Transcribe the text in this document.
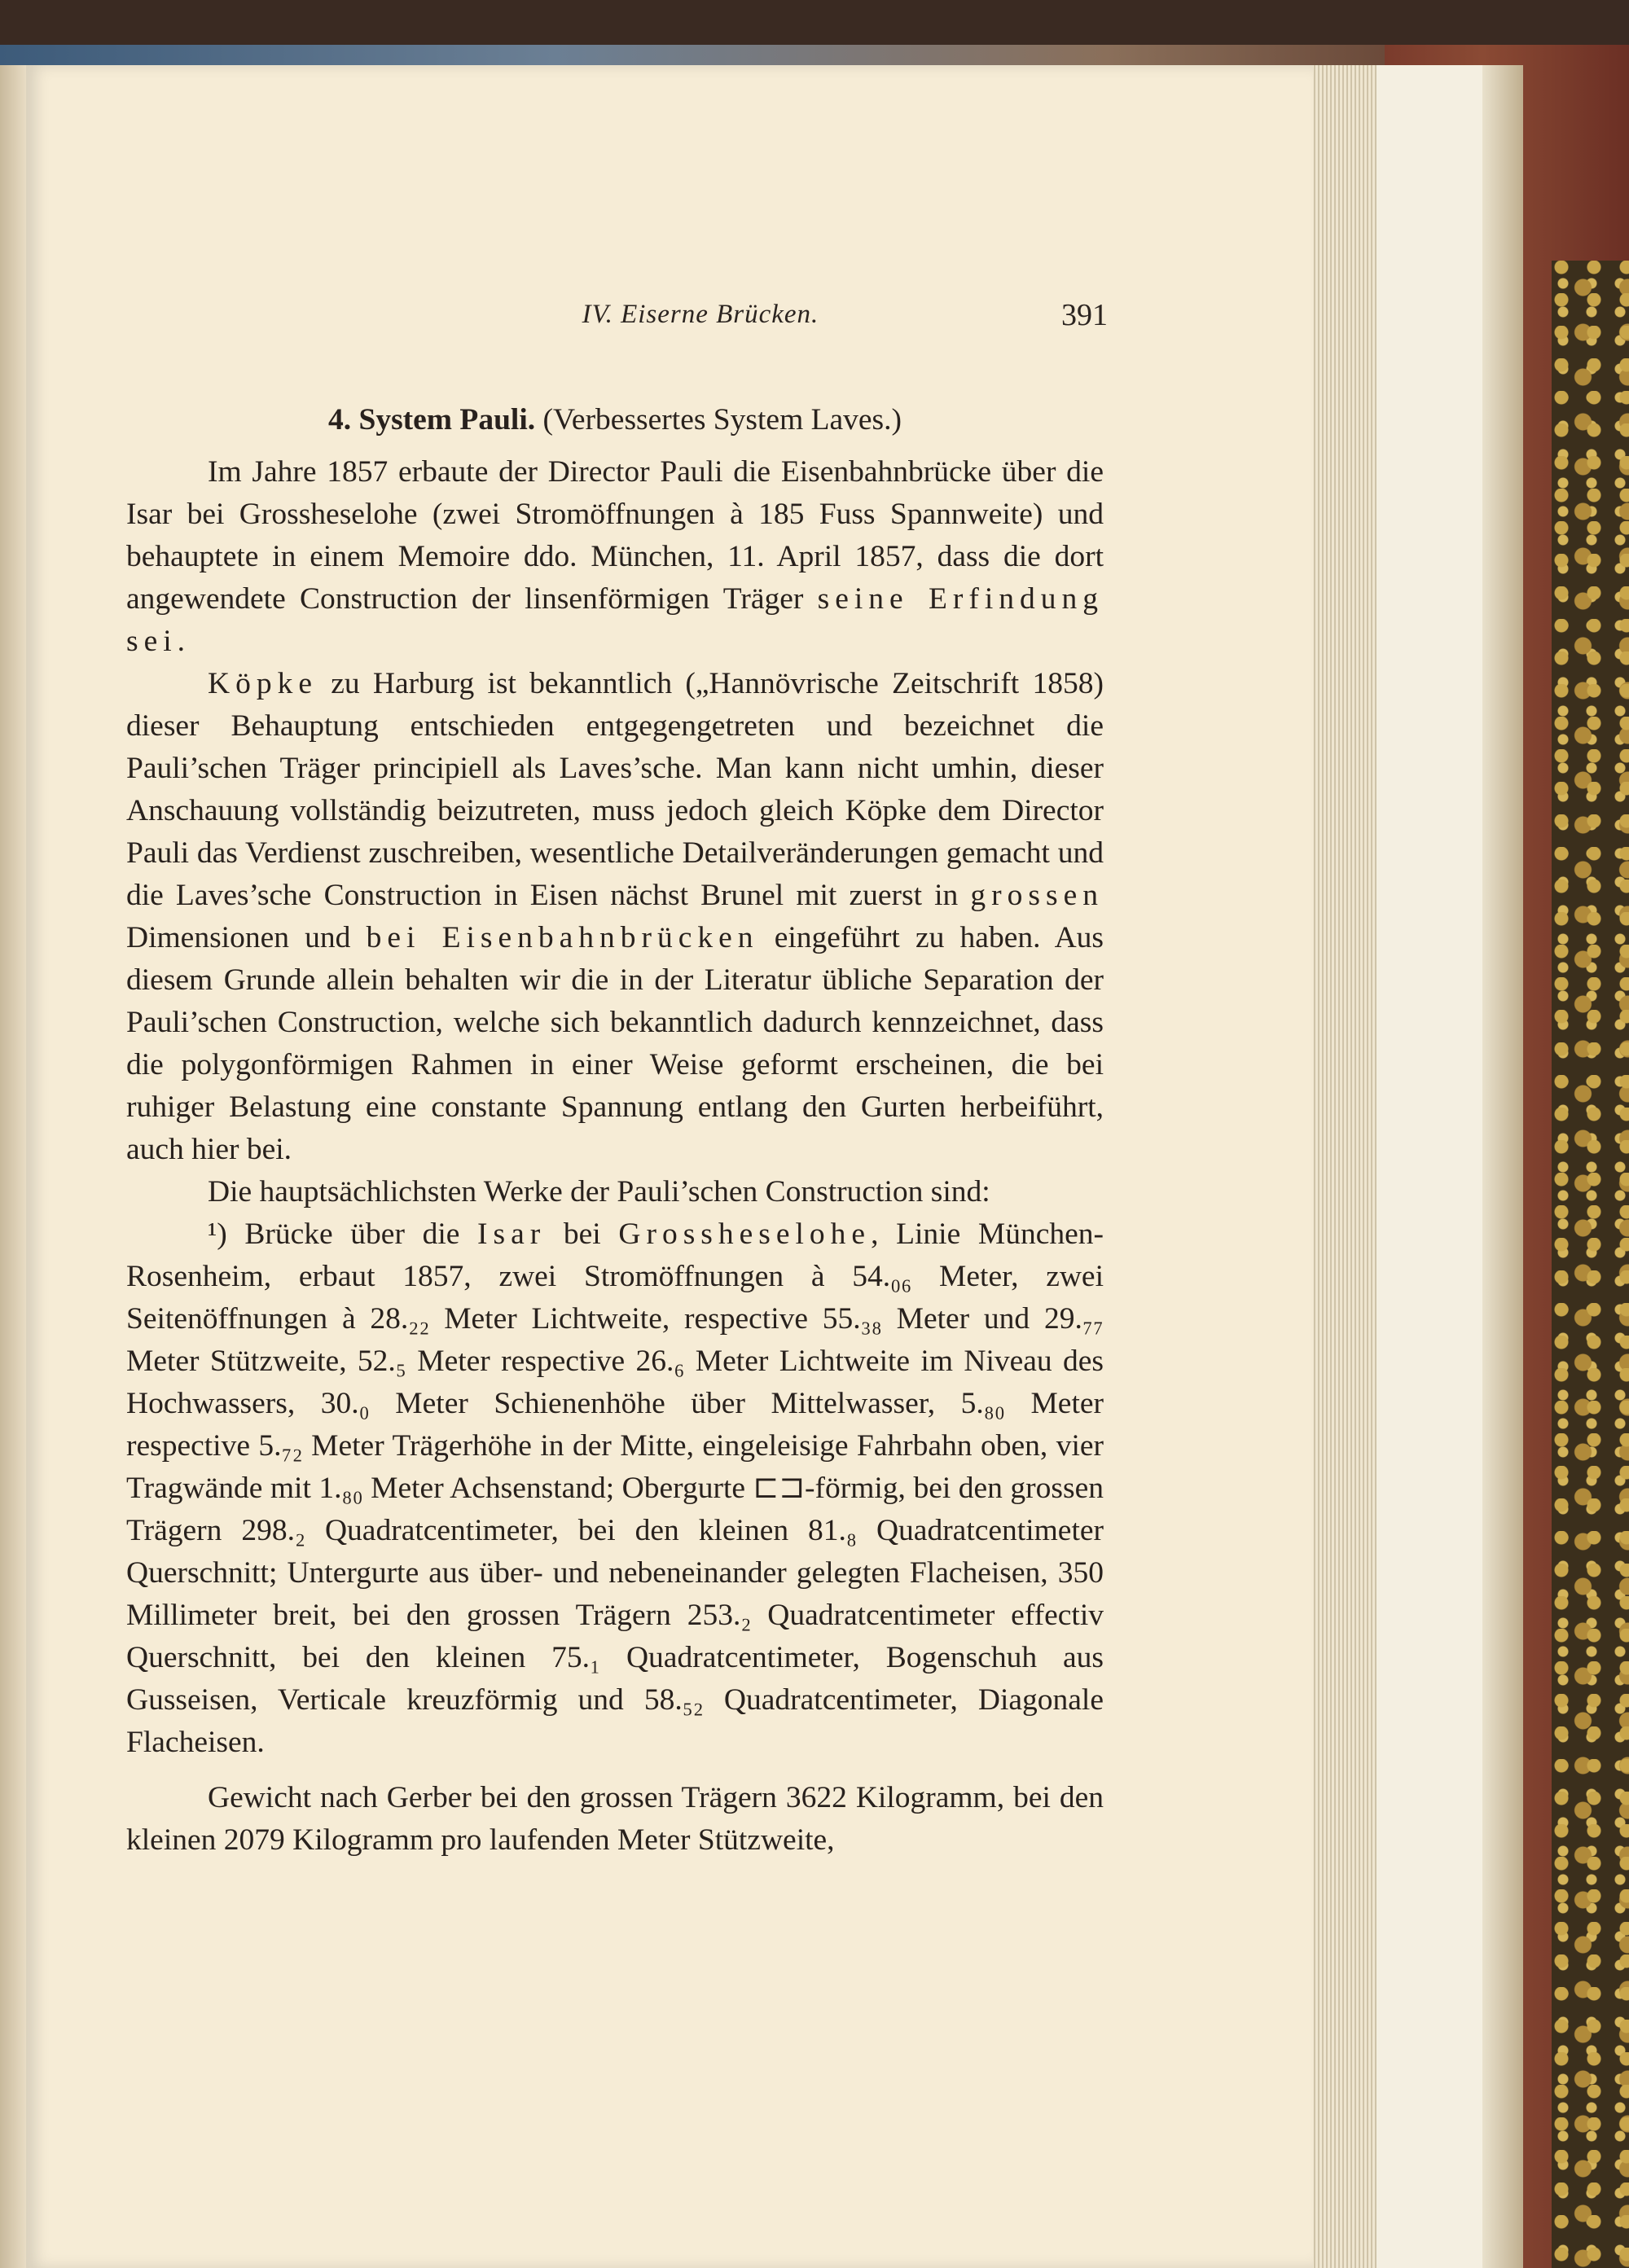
IV. Eiserne Brücken.	391

4. System Pauli. (Verbessertes System Laves.)

Im Jahre 1857 erbaute der Director Pauli die Eisenbahnbrücke über die Isar bei Grossheselohe (zwei Stromöffnungen à 185 Fuss Spannweite) und behauptete in einem Memoire ddo. München, 11. April 1857, dass die dort angewendete Construction der linsenförmigen Träger seine Erfindung sei.

Köpke zu Harburg ist bekanntlich („Hannövrische Zeitschrift 1858) dieser Behauptung entschieden entgegengetreten und bezeichnet die Pauli’schen Träger principiell als Laves’sche. Man kann nicht umhin, dieser Anschauung vollständig beizutreten, muss jedoch gleich Köpke dem Director Pauli das Verdienst zuschreiben, wesentliche Detailveränderungen gemacht und die Laves’sche Construction in Eisen nächst Brunel mit zuerst in grossen Dimensionen und bei Eisenbahnbrücken eingeführt zu haben. Aus diesem Grunde allein behalten wir die in der Literatur übliche Separation der Pauli’schen Construction, welche sich bekanntlich dadurch kennzeichnet, dass die polygonförmigen Rahmen in einer Weise geformt erscheinen, die bei ruhiger Belastung eine constante Spannung entlang den Gurten herbeiführt, auch hier bei.

Die hauptsächlichsten Werke der Pauli’schen Construction sind:

¹) Brücke über die Isar bei Grossheselohe, Linie München-Rosenheim, erbaut 1857, zwei Stromöffnungen à 54.₀₆ Meter, zwei Seitenöffnungen à 28.₂₂ Meter Lichtweite, respective 55.₃₈ Meter und 29.₇₇ Meter Stützweite, 52.₅ Meter respective 26.₆ Meter Lichtweite im Niveau des Hochwassers, 30.₀ Meter Schienenhöhe über Mittelwasser, 5.₈₀ Meter respective 5.₇₂ Meter Trägerhöhe in der Mitte, eingeleisige Fahrbahn oben, vier Tragwände mit 1.₈₀ Meter Achsenstand; Obergurte ⊏⊐-förmig, bei den grossen Trägern 298.₂ Quadratcentimeter, bei den kleinen 81.₈ Quadratcentimeter Querschnitt; Untergurte aus über- und nebeneinander gelegten Flacheisen, 350 Millimeter breit, bei den grossen Trägern 253.₂ Quadratcentimeter effectiv Querschnitt, bei den kleinen 75.₁ Quadratcentimeter, Bogenschuh aus Gusseisen, Verticale kreuzförmig und 58.₅₂ Quadratcentimeter, Diagonale Flacheisen.

Gewicht nach Gerber bei den grossen Trägern 3622 Kilogramm, bei den kleinen 2079 Kilogramm pro laufenden Meter Stützweite,
